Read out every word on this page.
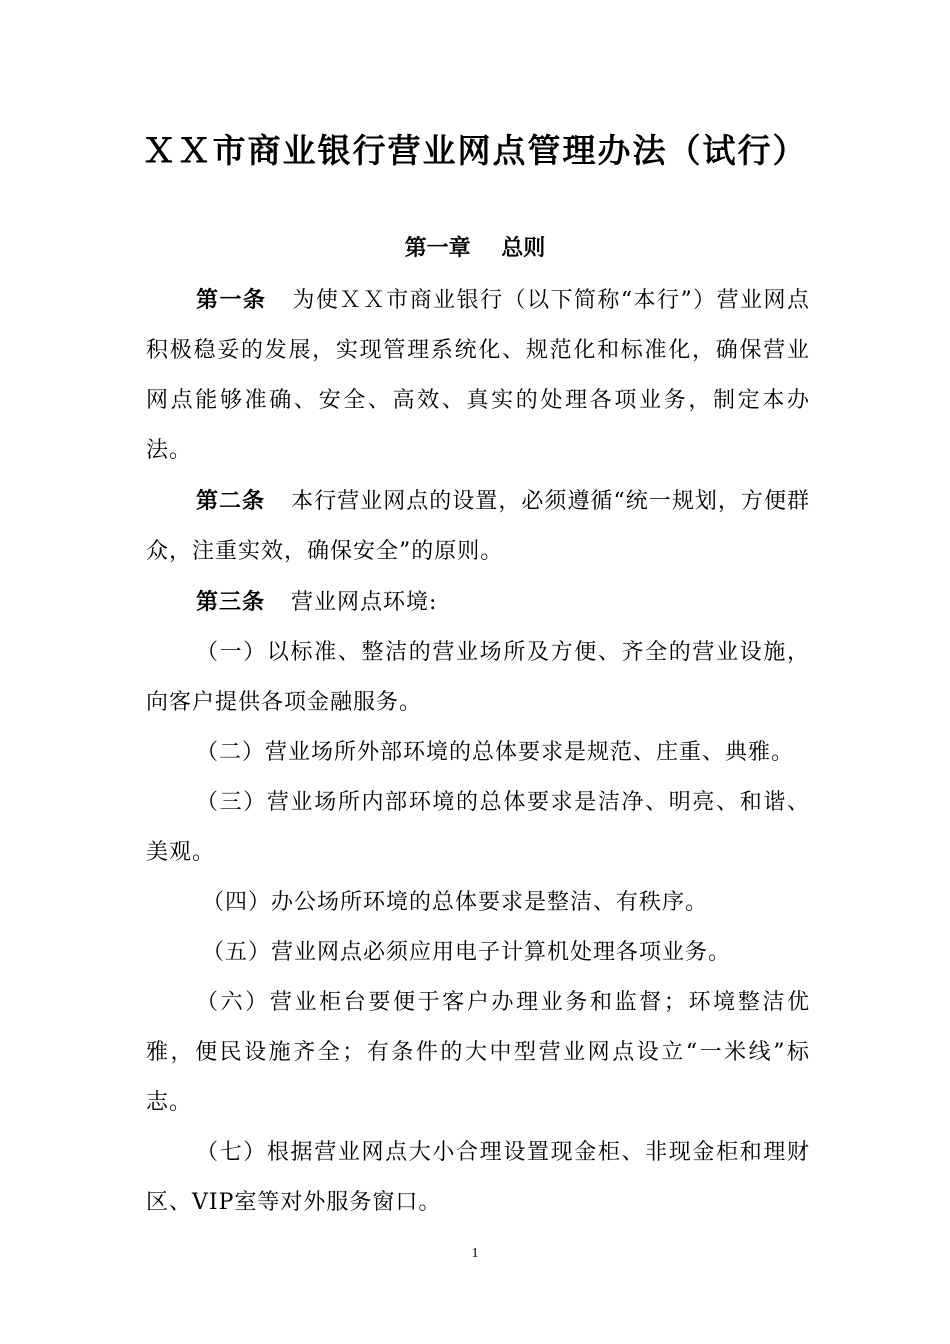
ＸＸ市商业银行营业网点管理办法（试行）
第一章    总则

第一条 为使ＸＸ市商业银行（以下简称“本行”）营业网点积极稳妥的发展，实现管理系统化、规范化和标准化，确保营业网点能够准确、安全、高效、真实的处理各项业务，制定本办法。

第二条 本行营业网点的设置，必须遵循“统一规划，方便群众，注重实效，确保安全”的原则。

第三条 营业网点环境:

（一）以标准、整洁的营业场所及方便、齐全的营业设施，向客户提供各项金融服务。

（二）营业场所外部环境的总体要求是规范、庄重、典雅。

（三）营业场所内部环境的总体要求是洁净、明亮、和谐、美观。

（四）办公场所环境的总体要求是整洁、有秩序。

（五）营业网点必须应用电子计算机处理各项业务。

（六）营业柜台要便于客户办理业务和监督；环境整洁优雅，便民设施齐全；有条件的大中型营业网点设立“一米线”标志。

（七）根据营业网点大小合理设置现金柜、非现金柜和理财区、VIP室等对外服务窗口。

1
